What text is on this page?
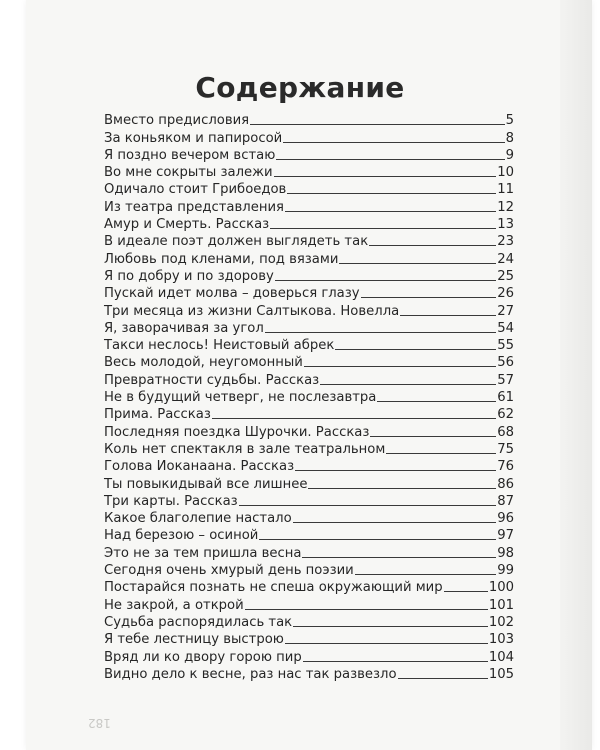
Содержание
Вместо предисловия	5
За коньяком и папиросой	8
Я поздно вечером встаю	9
Во мне сокрыты залежи	10
Одичало стоит Грибоедов	11
Из театра представления	12
Амур и Смерть. Рассказ	13
В идеале поэт должен выглядеть так	23
Любовь под кленами, под вязами	24
Я по добру и по здорову	25
Пускай идет молва – доверься глазу	26
Три месяца из жизни Салтыкова. Новелла	27
Я, заворачивая за угол	54
Такси неслось! Неистовый абрек	55
Весь молодой, неугомонный	56
Превратности судьбы. Рассказ	57
Не в будущий четверг, не послезавтра	61
Прима. Рассказ	62
Последняя поездка Шурочки. Рассказ	68
Коль нет спектакля в зале театральном	75
Голова Иоканаана. Рассказ	76
Ты повыкидывай все лишнее	86
Три карты. Рассказ	87
Какое благолепие настало	96
Над березою – осиной	97
Это не за тем пришла весна	98
Сегодня очень хмурый день поэзии	99
Постарайся познать не спеша окружающий мир	100
Не закрой, а открой	101
Судьба распорядилась так	102
Я тебе лестницу выстрою	103
Вряд ли ко двору горою пир	104
Видно дело к весне, раз нас так развезло	105
182
